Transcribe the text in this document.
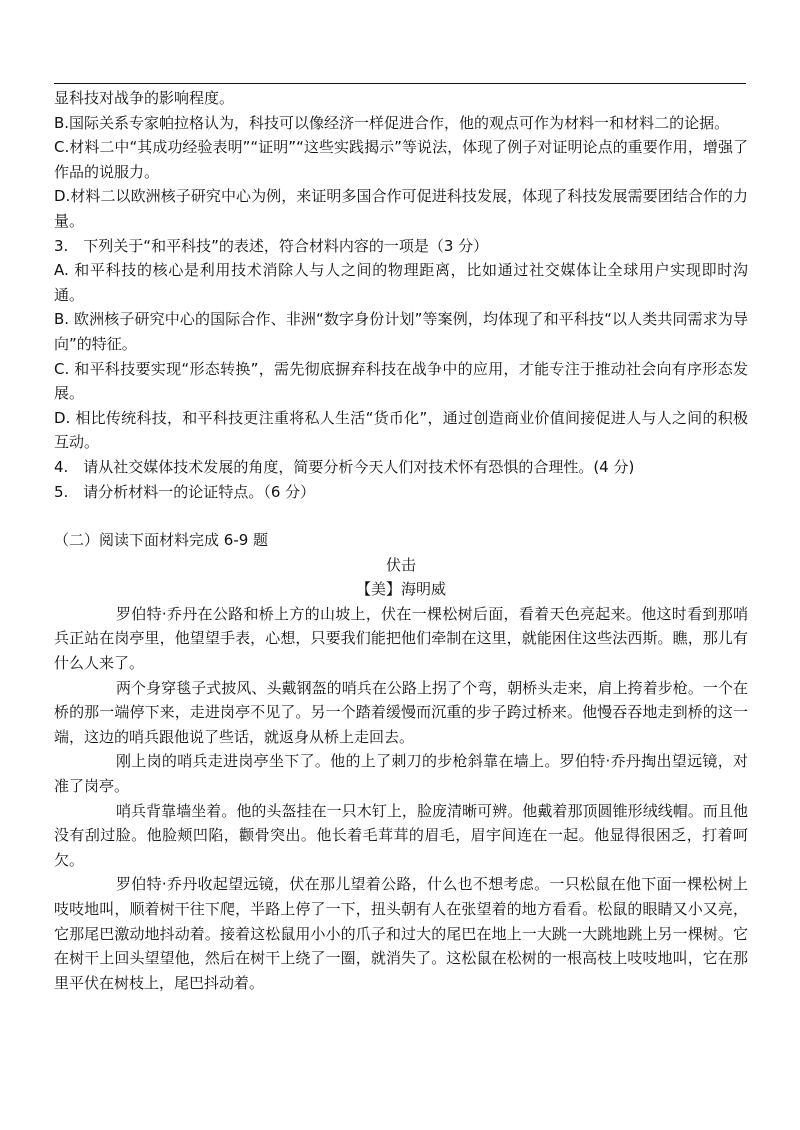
显科技对战争的影响程度。

B.国际关系专家帕拉格认为，科技可以像经济一样促进合作，他的观点可作为材料一和材料二的论据。

C.材料二中“其成功经验表明”“证明”“这些实践揭示”等说法，体现了例子对证明论点的重要作用，增强了作品的说服力。

D.材料二以欧洲核子研究中心为例，来证明多国合作可促进科技发展，体现了科技发展需要团结合作的力量。

3.　下列关于“和平科技”的表述，符合材料内容的一项是（3 分）

A. 和平科技的核心是利用技术消除人与人之间的物理距离，比如通过社交媒体让全球用户实现即时沟通。

B. 欧洲核子研究中心的国际合作、非洲“数字身份计划”等案例，均体现了和平科技“以人类共同需求为导向”的特征。

C. 和平科技要实现“形态转换”，需先彻底摒弃科技在战争中的应用，才能专注于推动社会向有序形态发展。

D. 相比传统科技，和平科技更注重将私人生活“货币化”，通过创造商业价值间接促进人与人之间的积极互动。

4.　请从社交媒体技术发展的角度，简要分析今天人们对技术怀有恐惧的合理性。(4 分)

5.　请分析材料一的论证特点。（6 分）

（二）阅读下面材料完成 6-9 题

伏击

【美】海明威

罗伯特·乔丹在公路和桥上方的山坡上，伏在一棵松树后面，看着天色亮起来。他这时看到那哨兵正站在岗亭里，他望望手表，心想，只要我们能把他们牵制在这里，就能困住这些法西斯。瞧，那儿有什么人来了。

两个身穿毯子式披风、头戴钢盔的哨兵在公路上拐了个弯，朝桥头走来，肩上挎着步枪。一个在桥的那一端停下来，走进岗亭不见了。另一个踏着缓慢而沉重的步子跨过桥来。他慢吞吞地走到桥的这一端，这边的哨兵跟他说了些话，就返身从桥上走回去。

刚上岗的哨兵走进岗亭坐下了。他的上了刺刀的步枪斜靠在墙上。罗伯特·乔丹掏出望远镜，对准了岗亭。

哨兵背靠墙坐着。他的头盔挂在一只木钉上，脸庞清晰可辨。他戴着那顶圆锥形绒线帽。而且他没有刮过脸。他脸颊凹陷，颧骨突出。他长着毛茸茸的眉毛，眉宇间连在一起。他显得很困乏，打着呵欠。

罗伯特·乔丹收起望远镜，伏在那儿望着公路，什么也不想考虑。一只松鼠在他下面一棵松树上吱吱地叫，顺着树干往下爬，半路上停了一下，扭头朝有人在张望着的地方看看。松鼠的眼睛又小又亮，它那尾巴激动地抖动着。接着这松鼠用小小的爪子和过大的尾巴在地上一大跳一大跳地跳上另一棵树。它在树干上回头望望他，然后在树干上绕了一圈，就消失了。这松鼠在松树的一根高枝上吱吱地叫，它在那里平伏在树枝上，尾巴抖动着。
